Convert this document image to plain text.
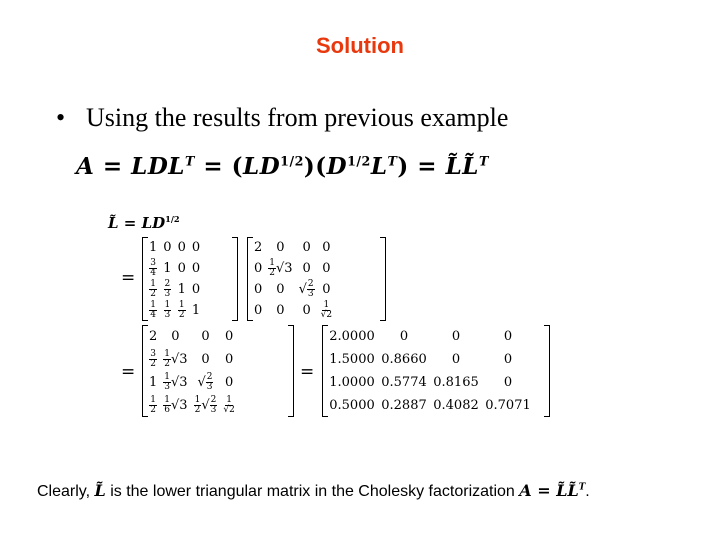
Solution
• Using the results from previous example
$A = LDL^T = (LD^{1/2})(D^{1/2}L^T)$ = L̃L̃$^T$
L̃ = $LD^{1/2}$
=
1	0	0	0

$\frac{3}{4}$	1	0	0

$\frac{1}{2}$	$\frac{2}{3}$	1	0

$\frac{1}{4}$	$\frac{1}{3}$	$\frac{1}{2}$	1
2	0	0	0
0	$\frac{1}{2} √3$	0	0
0	0	√ $\frac{2}{3}$	0
0	0	0	$\frac{1}{√2}$
=
2	0	0	0

$\frac{3}{2}$	$\frac{1}{2} √3$	0	0
1	$\frac{1}{3} √3$	√ $\frac{2}{3}$	0

$\frac{1}{2}$	$\frac{1}{6} √3$	$\frac{1}{2}$ √ $\frac{2}{3}$	$\frac{1}{√2}$
=
2.0000	0	0	0
1.5000	0.8660	0	0
1.0000	0.5774	0.8165	0
0.5000	0.2887	0.4082	0.7071
Clearly, L̃ is the lower triangular matrix in the Cholesky factorization A = L̃L̃$^T$.
